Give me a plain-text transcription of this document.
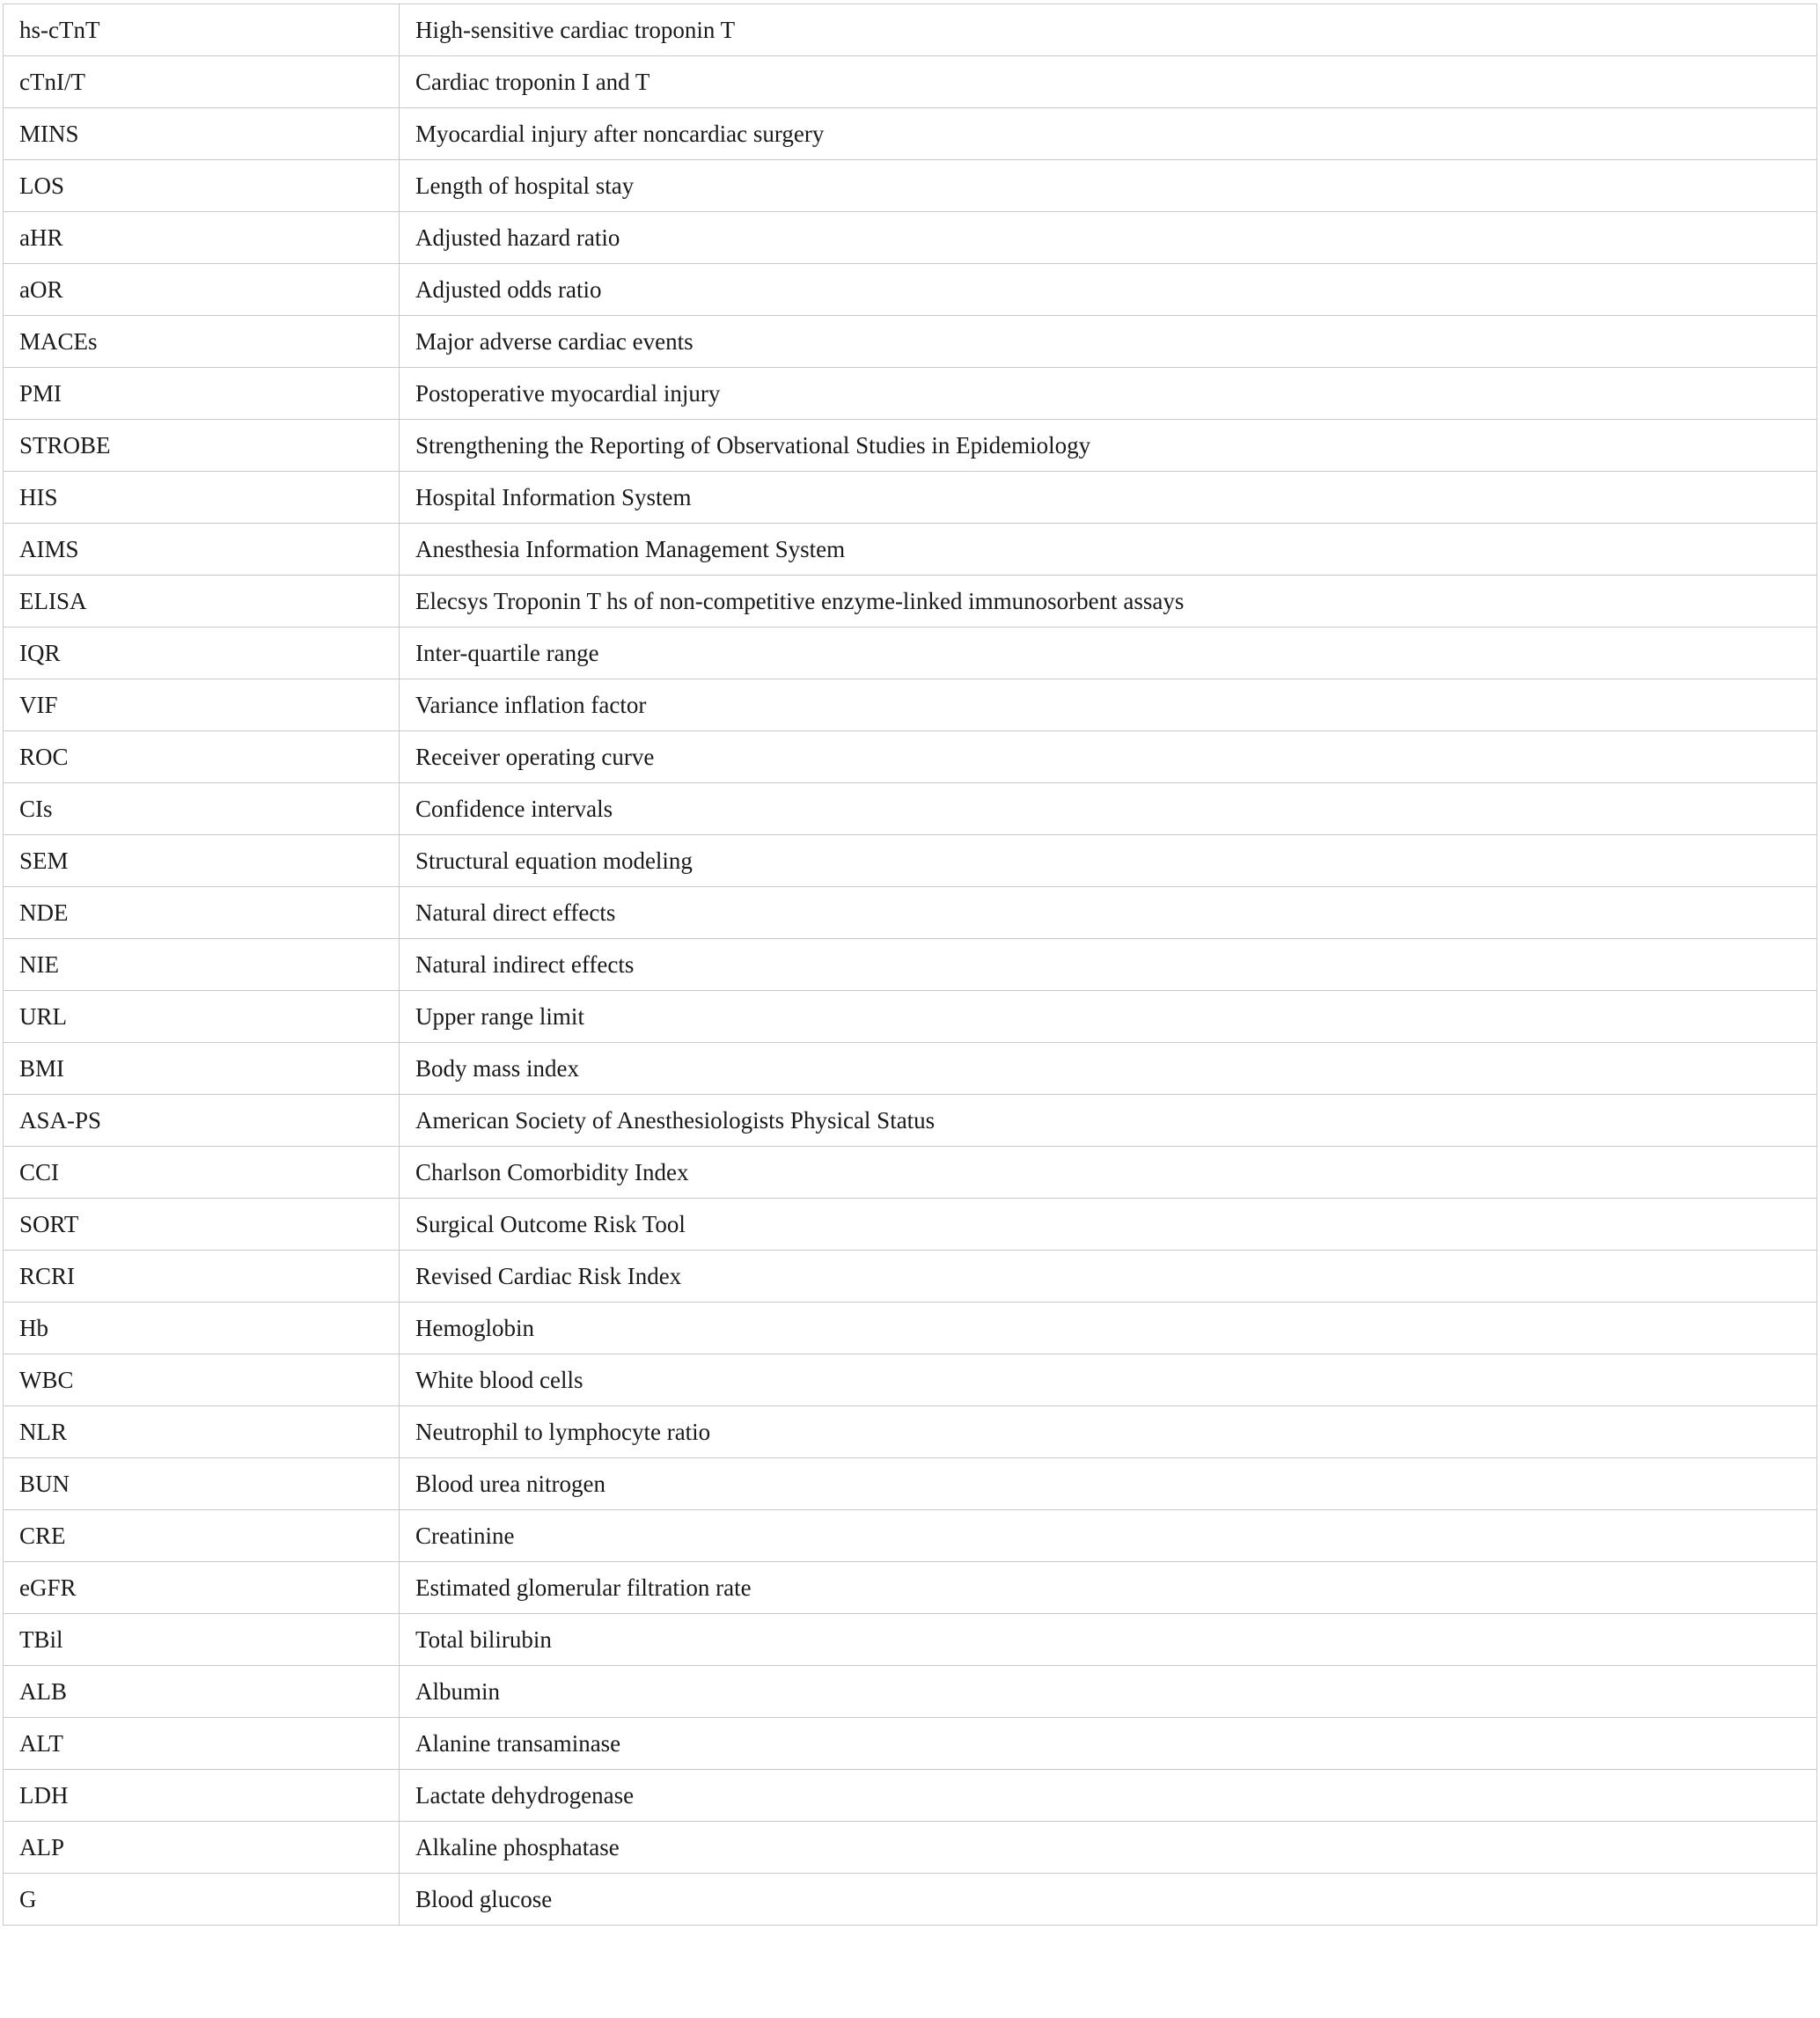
hs-cTnT	High-sensitive cardiac troponin T
cTnI/T	Cardiac troponin I and T
MINS	Myocardial injury after noncardiac surgery
LOS	Length of hospital stay
aHR	Adjusted hazard ratio
aOR	Adjusted odds ratio
MACEs	Major adverse cardiac events
PMI	Postoperative myocardial injury
STROBE	Strengthening the Reporting of Observational Studies in Epidemiology
HIS	Hospital Information System
AIMS	Anesthesia Information Management System
ELISA	Elecsys Troponin T hs of non-competitive enzyme-linked immunosorbent assays
IQR	Inter-quartile range
VIF	Variance inflation factor
ROC	Receiver operating curve
CIs	Confidence intervals
SEM	Structural equation modeling
NDE	Natural direct effects
NIE	Natural indirect effects
URL	Upper range limit
BMI	Body mass index
ASA-PS	American Society of Anesthesiologists Physical Status
CCI	Charlson Comorbidity Index
SORT	Surgical Outcome Risk Tool
RCRI	Revised Cardiac Risk Index
Hb	Hemoglobin
WBC	White blood cells
NLR	Neutrophil to lymphocyte ratio
BUN	Blood urea nitrogen
CRE	Creatinine
eGFR	Estimated glomerular filtration rate
TBil	Total bilirubin
ALB	Albumin
ALT	Alanine transaminase
LDH	Lactate dehydrogenase
ALP	Alkaline phosphatase
G	Blood glucose
